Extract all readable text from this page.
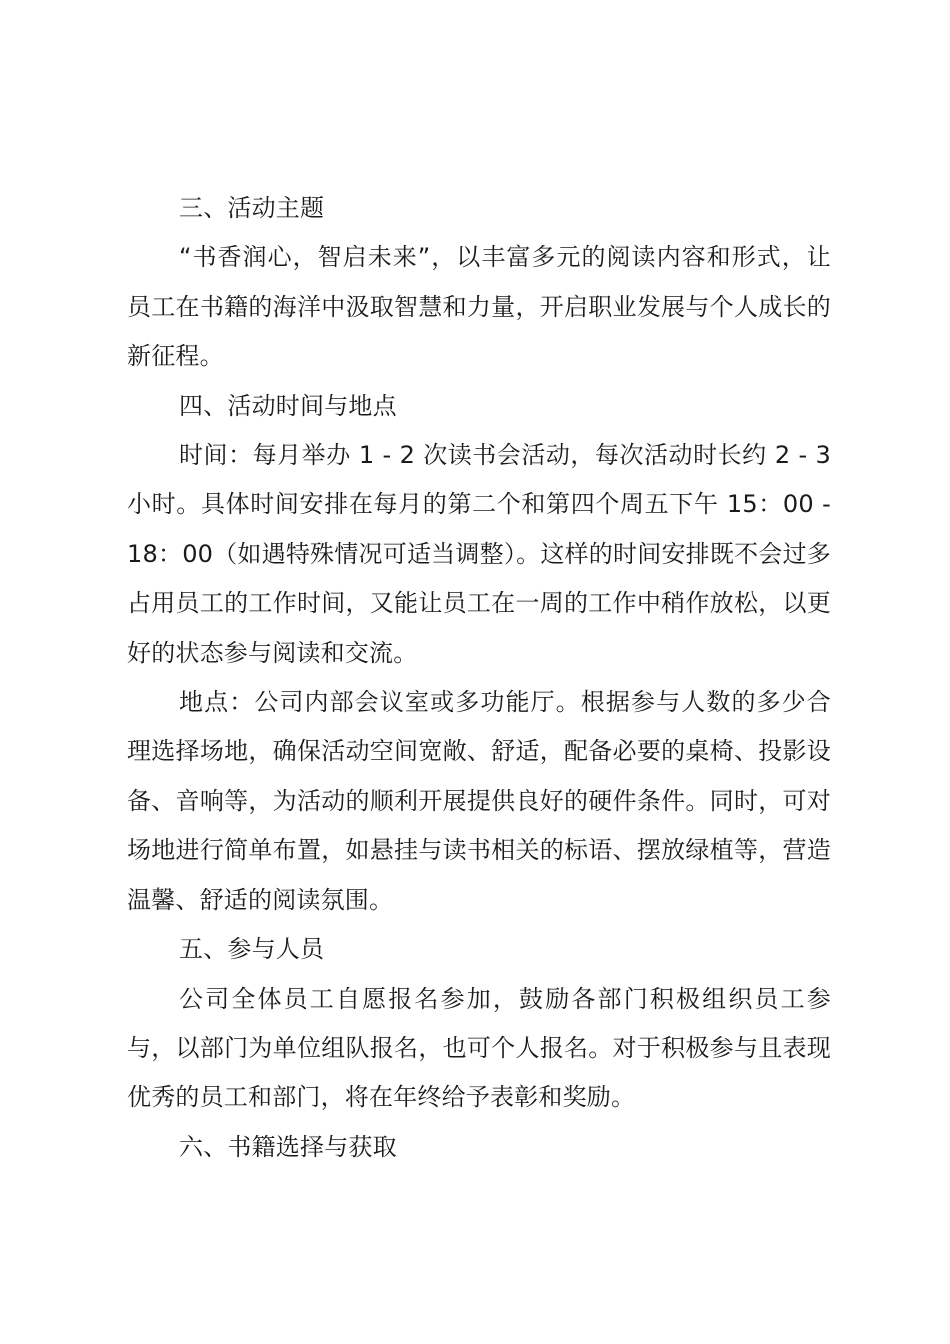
三、活动主题

“书香润心，智启未来”，以丰富多元的阅读内容和形式，让员工在书籍的海洋中汲取智慧和力量，开启职业发展与个人成长的新征程。

四、活动时间与地点

时间：每月举办 1 - 2 次读书会活动，每次活动时长约 2 - 3 小时。具体时间安排在每月的第二个和第四个周五下午 15：00 - 18：00（如遇特殊情况可适当调整）。这样的时间安排既不会过多占用员工的工作时间，又能让员工在一周的工作中稍作放松，以更好的状态参与阅读和交流。

地点：公司内部会议室或多功能厅。根据参与人数的多少合理选择场地，确保活动空间宽敞、舒适，配备必要的桌椅、投影设备、音响等，为活动的顺利开展提供良好的硬件条件。同时，可对场地进行简单布置，如悬挂与读书相关的标语、摆放绿植等，营造温馨、舒适的阅读氛围。

五、参与人员

公司全体员工自愿报名参加，鼓励各部门积极组织员工参与，以部门为单位组队报名，也可个人报名。对于积极参与且表现优秀的员工和部门，将在年终给予表彰和奖励。

六、书籍选择与获取
